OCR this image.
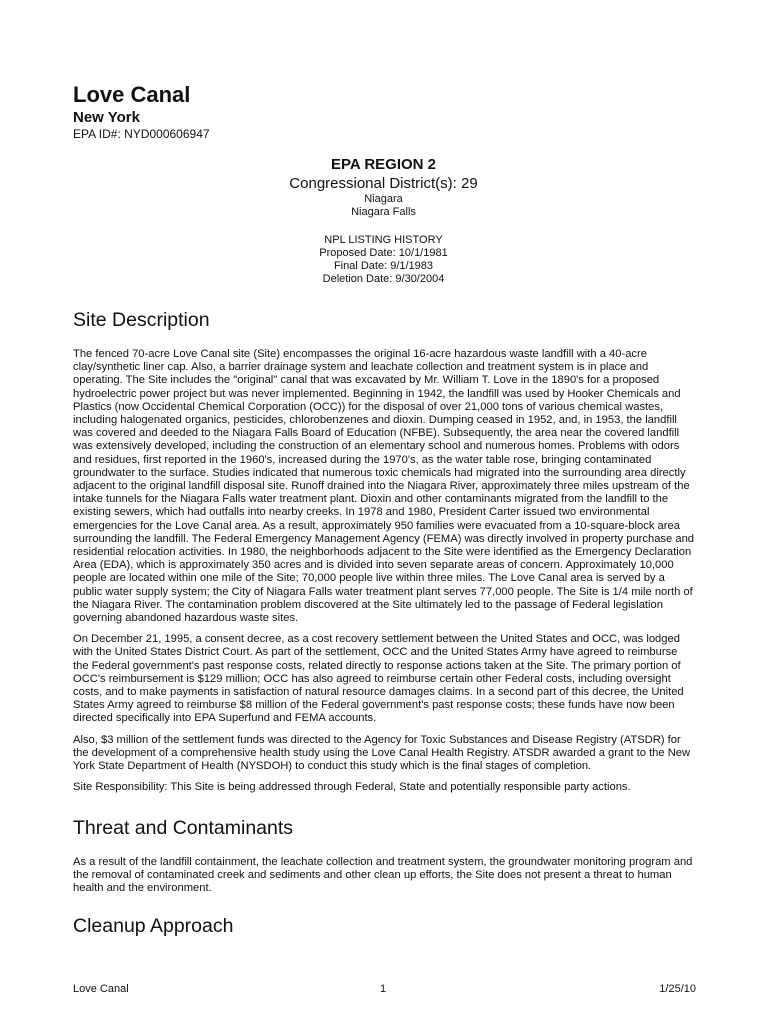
Love Canal
New York
EPA ID#: NYD000606947
EPA REGION 2
Congressional District(s): 29
Niagara
Niagara Falls
NPL LISTING HISTORY
Proposed Date: 10/1/1981
Final Date: 9/1/1983
Deletion Date: 9/30/2004
Site Description

The fenced 70-acre Love Canal site (Site) encompasses the original 16-acre hazardous waste landfill with a 40-acre clay/synthetic liner cap. Also, a barrier drainage system and leachate collection and treatment system is in place and operating. The Site includes the "original" canal that was excavated by Mr. William T. Love in the 1890's for a proposed hydroelectric power project but was never implemented. Beginning in 1942, the landfill was used by Hooker Chemicals and Plastics (now Occidental Chemical Corporation (OCC)) for the disposal of over 21,000 tons of various chemical wastes, including halogenated organics, pesticides, chlorobenzenes and dioxin. Dumping ceased in 1952, and, in 1953, the landfill was covered and deeded to the Niagara Falls Board of Education (NFBE). Subsequently, the area near the covered landfill was extensively developed, including the construction of an elementary school and numerous homes. Problems with odors and residues, first reported in the 1960's, increased during the 1970's, as the water table rose, bringing contaminated groundwater to the surface. Studies indicated that numerous toxic chemicals had migrated into the surrounding area directly adjacent to the original landfill disposal site. Runoff drained into the Niagara River, approximately three miles upstream of the intake tunnels for the Niagara Falls water treatment plant. Dioxin and other contaminants migrated from the landfill to the existing sewers, which had outfalls into nearby creeks. In 1978 and 1980, President Carter issued two environmental emergencies for the Love Canal area. As a result, approximately 950 families were evacuated from a 10-square-block area surrounding the landfill. The Federal Emergency Management Agency (FEMA) was directly involved in property purchase and residential relocation activities. In 1980, the neighborhoods adjacent to the Site were identified as the Emergency Declaration Area (EDA), which is approximately 350 acres and is divided into seven separate areas of concern. Approximately 10,000 people are located within one mile of the Site; 70,000 people live within three miles. The Love Canal area is served by a public water supply system; the City of Niagara Falls water treatment plant serves 77,000 people. The Site is 1/4 mile north of the Niagara River. The contamination problem discovered at the Site ultimately led to the passage of Federal legislation governing abandoned hazardous waste sites.

On December 21, 1995, a consent decree, as a cost recovery settlement between the United States and OCC, was lodged with the United States District Court. As part of the settlement, OCC and the United States Army have agreed to reimburse the Federal government's past response costs, related directly to response actions taken at the Site. The primary portion of OCC's reimbursement is $129 million; OCC has also agreed to reimburse certain other Federal costs, including oversight costs, and to make payments in satisfaction of natural resource damages claims. In a second part of this decree, the United States Army agreed to reimburse $8 million of the Federal government's past response costs; these funds have now been directed specifically into EPA Superfund and FEMA accounts.

Also, $3 million of the settlement funds was directed to the Agency for Toxic Substances and Disease Registry (ATSDR) for the development of a comprehensive health study using the Love Canal Health Registry. ATSDR awarded a grant to the New York State Department of Health (NYSDOH) to conduct this study which is the final stages of completion.

Site Responsibility: This Site is being addressed through Federal, State and potentially responsible party actions.

Threat and Contaminants

As a result of the landfill containment, the leachate collection and treatment system, the groundwater monitoring program and the removal of contaminated creek and sediments and other clean up efforts, the Site does not present a threat to human health and the environment.

Cleanup Approach
Love Canal	1	1/25/10
